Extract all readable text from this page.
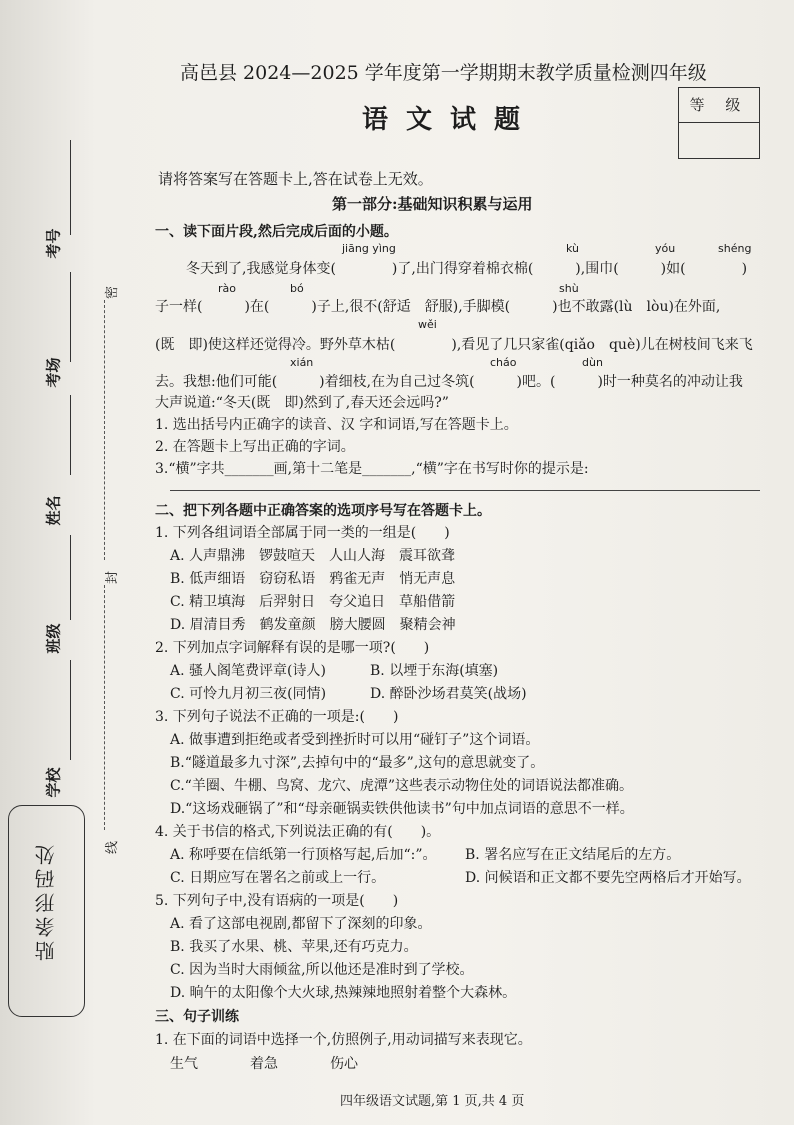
考号
考场
姓名
班级
学校
密
封
线
贴条形码处
高邑县 2024—2025 学年度第一学期期末教学质量检测四年级
语文试题	等 级
请将答案写在答题卡上,答在试卷上无效。
第一部分:基础知识积累与运用
一、读下面片段,然后完成后面的小题。
jiāng yìng	kù	yóu	shéng
冬天到了,我感觉身体变(　　　　)了,出门得穿着棉衣棉(　　　),围巾(　　　)如(　　　　)
rào	bó	shù
子一样(　　　)在(　　　)子上,很不(舒适　舒服),手脚模(　　　)也不敢露(lù　lòu)在外面,
wěi
(既　即)使这样还觉得冷。野外草木枯(　　　　),看见了几只家雀(qiǎo　què)儿在树枝间飞来飞
xián	cháo	dùn
去。我想:他们可能(　　　)着细枝,在为自己过冬筑(　　　)吧。(　　　)时一种莫名的冲动让我
大声说道:“冬天(既　即)然到了,春天还会远吗?”
1. 选出括号内正确字的读音、汉 字和词语,写在答题卡上。
2. 在答题卡上写出正确的字词。
3.“横”字共_______画,第十二笔是_______,“横”字在书写时你的提示是:
二、把下列各题中正确答案的选项序号写在答题卡上。
1. 下列各组词语全部属于同一类的一组是(　　)
A. 人声鼎沸　锣鼓喧天　人山人海　震耳欲聋
B. 低声细语　窃窃私语　鸦雀无声　悄无声息
C. 精卫填海　后羿射日　夸父追日　草船借箭
D. 眉清目秀　鹤发童颜　膀大腰圆　聚精会神
2. 下列加点字词解释有误的是哪一项?(　　)
A. 骚人阁笔费评章(诗人)	B. 以堙于东海(填塞)
C. 可怜九月初三夜(同情)	D. 醉卧沙场君莫笑(战场)
3. 下列句子说法不正确的一项是:(　　)
A. 做事遭到拒绝或者受到挫折时可以用“碰钉子”这个词语。
B.“隧道最多九寸深”,去掉句中的“最多”,这句的意思就变了。
C.“羊圈、牛棚、鸟窝、龙穴、虎潭”这些表示动物住处的词语说法都准确。
D.“这场戏砸锅了”和“母亲砸锅卖铁供他读书”句中加点词语的意思不一样。
4. 关于书信的格式,下列说法正确的有(　　)。
A. 称呼要在信纸第一行顶格写起,后加“:”。 B. 署名应写在正文结尾后的左方。
C. 日期应写在署名之前或上一行。	D. 问候语和正文都不要先空两格后才开始写。
5. 下列句子中,没有语病的一项是(　　)
A. 看了这部电视剧,都留下了深刻的印象。
B. 我买了水果、桃、苹果,还有巧克力。
C. 因为当时大雨倾盆,所以他还是准时到了学校。
D. 晌午的太阳像个大火球,热辣辣地照射着整个大森林。
三、句子训练
1. 在下面的词语中选择一个,仿照例子,用动词描写来表现它。
生气	着急	伤心
四年级语文试题,第 1 页,共 4 页
